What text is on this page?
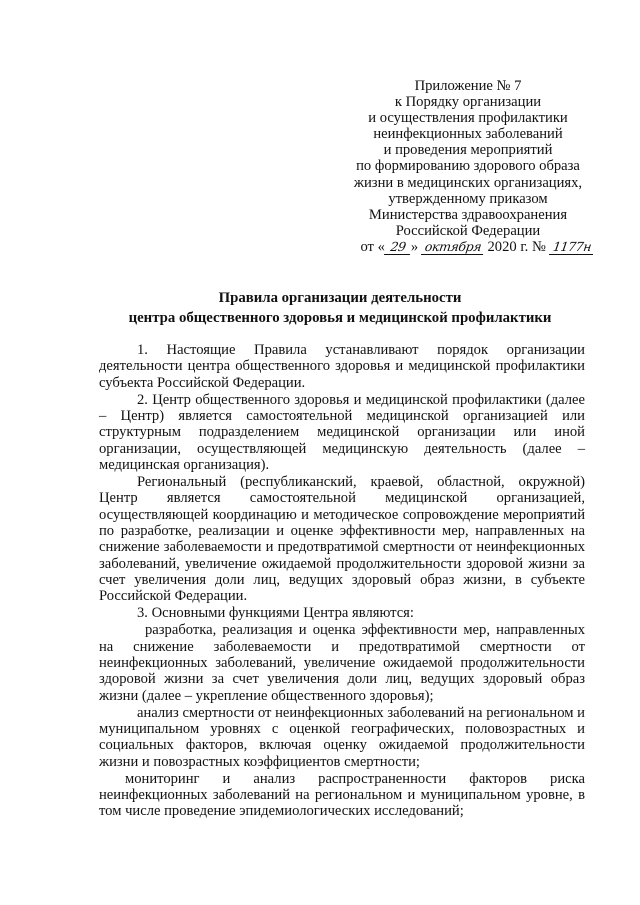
Приложение № 7
к Порядку организации
и осуществления профилактики
неинфекционных заболеваний
и проведения мероприятий
по формированию здорового образа
жизни в медицинских организациях,
утвержденному приказом
Министерства здравоохранения
Российской Федерации
от « 29 » октября 2020 г. № 1177н
Правила организации деятельности
центра общественного здоровья и медицинской профилактики

1. Настоящие Правила устанавливают порядок организации деятельности центра общественного здоровья и медицинской профилактики субъекта Российской Федерации.

2. Центр общественного здоровья и медицинской профилактики (далее – Центр) является самостоятельной медицинской организацией или структурным подразделением медицинской организации или иной организации, осуществляющей медицинскую деятельность (далее – медицинская организация).

Региональный (республиканский, краевой, областной, окружной) Центр является самостоятельной медицинской организацией, осуществляющей координацию и методическое сопровождение мероприятий по разработке, реализации и оценке эффективности мер, направленных на снижение заболеваемости и предотвратимой смертности от неинфекционных заболеваний, увеличение ожидаемой продолжительности здоровой жизни за счет увеличения доли лиц, ведущих здоровый образ жизни, в субъекте Российской Федерации.

3. Основными функциями Центра являются:

разработка, реализация и оценка эффективности мер, направленных на снижение заболеваемости и предотвратимой смертности от неинфекционных заболеваний, увеличение ожидаемой продолжительности здоровой жизни за счет увеличения доли лиц, ведущих здоровый образ жизни (далее – укрепление общественного здоровья);

анализ смертности от неинфекционных заболеваний на региональном и муниципальном уровнях с оценкой географических, половозрастных и социальных факторов, включая оценку ожидаемой продолжительности жизни и повозрастных коэффициентов смертности;

мониторинг и анализ распространенности факторов риска неинфекционных заболеваний на региональном и муниципальном уровне, в том числе проведение эпидемиологических исследований;
